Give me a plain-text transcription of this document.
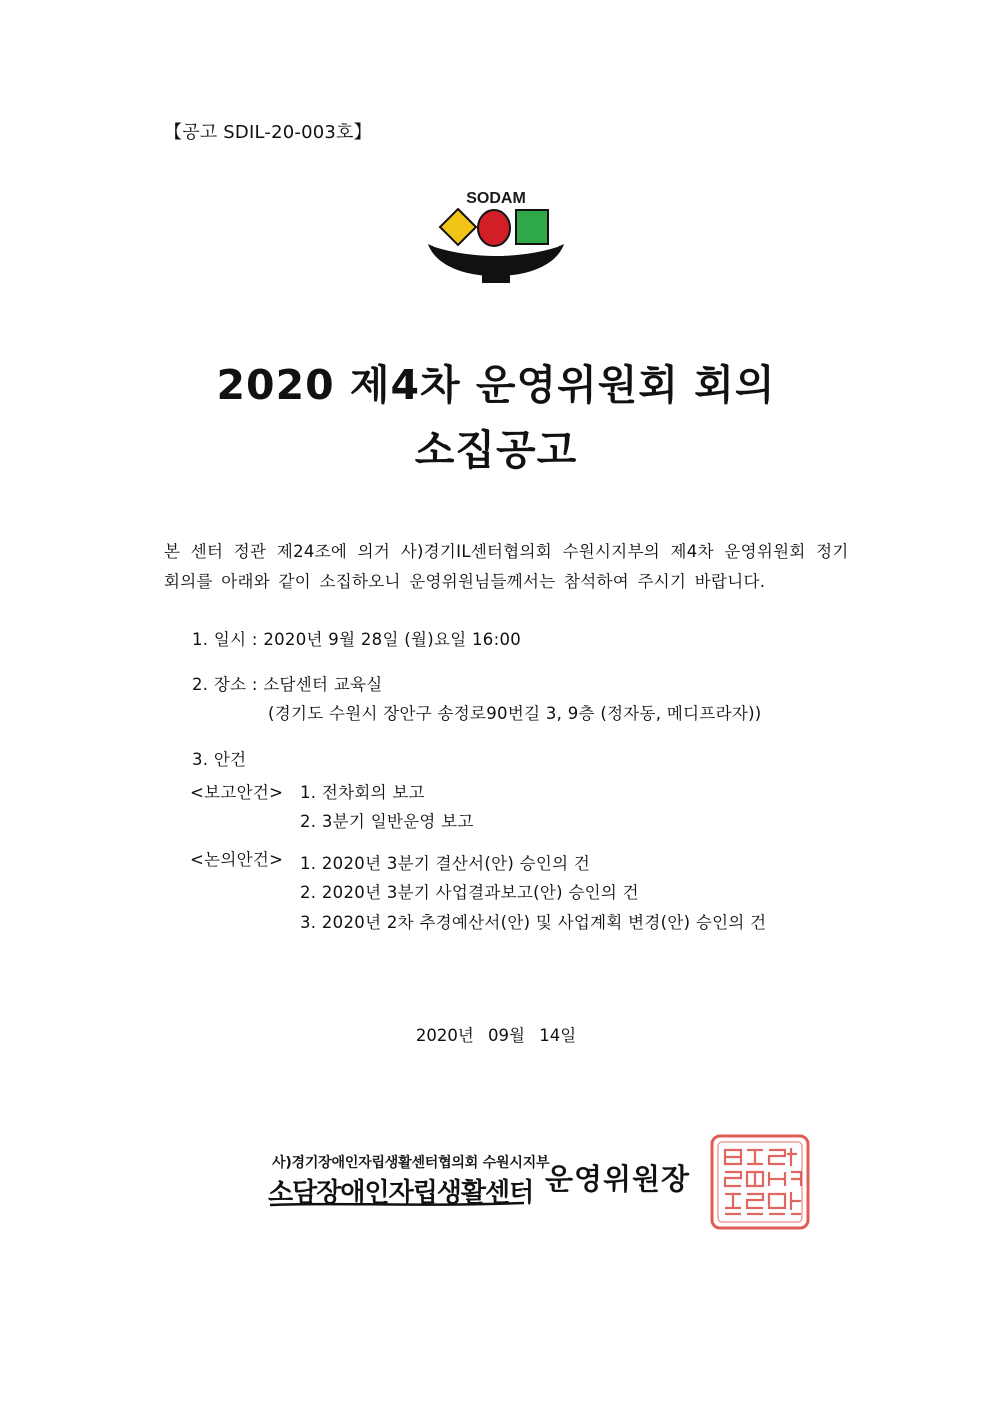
【공고 SDIL-20-003호】
SODAM
2020 제4차 운영위원회 회의
소집공고
본 센터 정관 제24조에 의거 사)경기IL센터협의회 수원시지부의 제4차 운영위원회 정기
회의를 아래와 같이 소집하오니 운영위원님들께서는 참석하여 주시기 바랍니다.
1. 일시 : 2020년 9월 28일 (월)요일 16:00
2. 장소 : 소담센터 교육실
(경기도 수원시 장안구 송정로90번길 3, 9층 (정자동, 메디프라자))
3. 안건
<보고안건> 1. 전차회의 보고
2. 3분기 일반운영 보고
<논의안건> 1. 2020년 3분기 결산서(안) 승인의 건
2. 2020년 3분기 사업결과보고(안) 승인의 건
3. 2020년 2차 추경예산서(안) 및 사업계획 변경(안) 승인의 건
2020년 09월 14일
사)경기장애인자립생활센터협의회 수원시지부
소담장애인자립생활센터 운영위원장
